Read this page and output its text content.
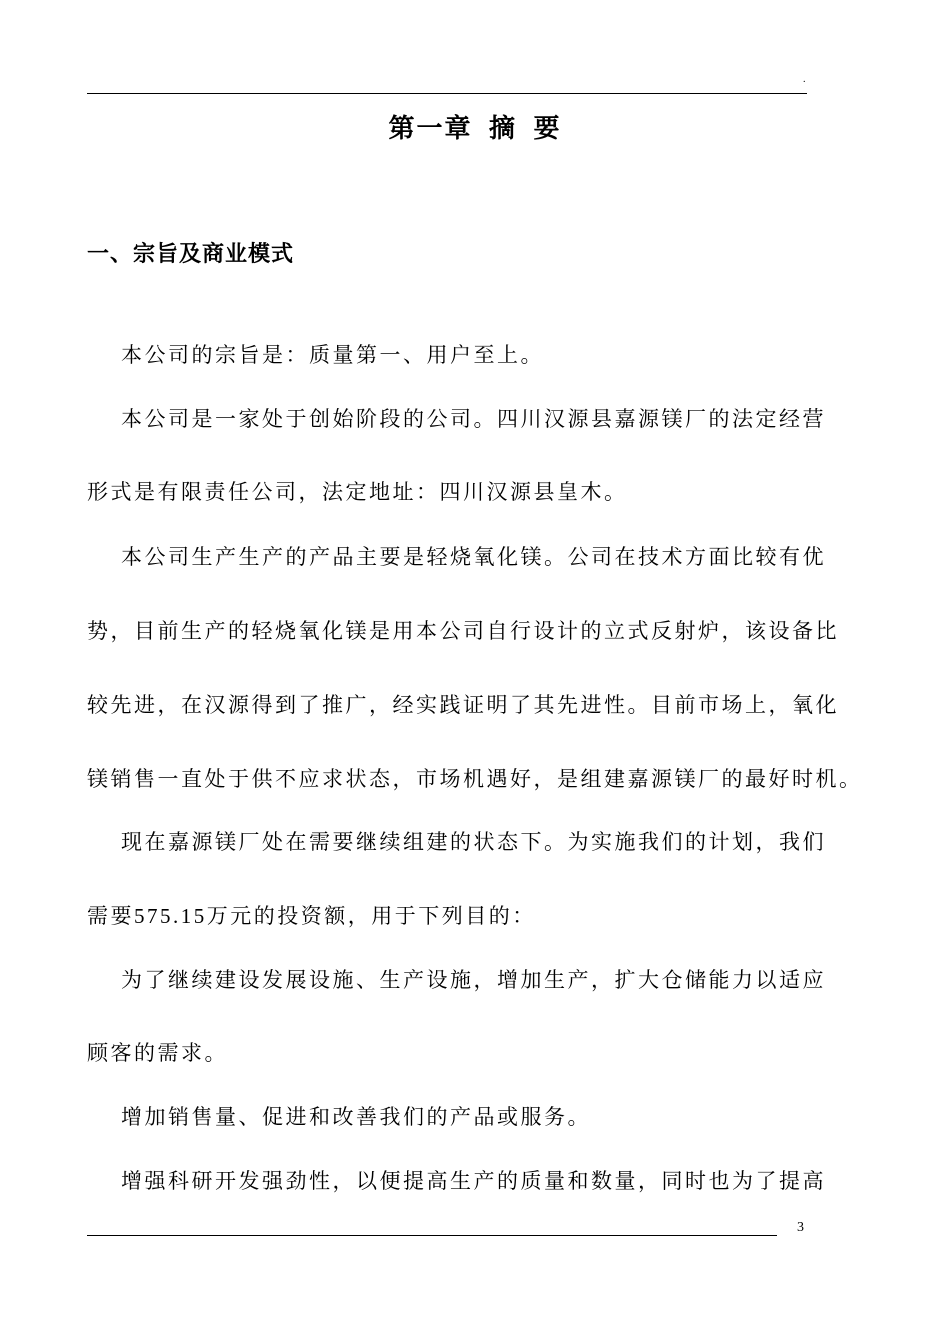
.
第一章 摘 要
一、宗旨及商业模式
本公司的宗旨是：质量第一、用户至上。
本公司是一家处于创始阶段的公司。四川汉源县嘉源镁厂的法定经营
形式是有限责任公司，法定地址：四川汉源县皇木。
本公司生产生产的产品主要是轻烧氧化镁。公司在技术方面比较有优
势，目前生产的轻烧氧化镁是用本公司自行设计的立式反射炉，该设备比
较先进，在汉源得到了推广，经实践证明了其先进性。目前市场上，氧化
镁销售一直处于供不应求状态，市场机遇好，是组建嘉源镁厂的最好时机。
现在嘉源镁厂处在需要继续组建的状态下。为实施我们的计划，我们
需要575.15万元的投资额，用于下列目的：
为了继续建设发展设施、生产设施，增加生产，扩大仓储能力以适应
顾客的需求。
增加销售量、促进和改善我们的产品或服务。
增强科研开发强劲性，以便提高生产的质量和数量，同时也为了提高
3
